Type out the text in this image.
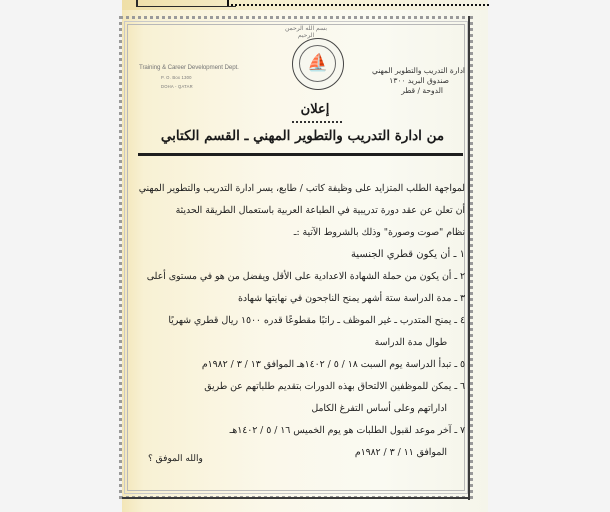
بسم الله الرحمن الرحيم
⛵
Training & Career Development Dept.
P. O. Box 1300
DOHA - QATAR
ادارة التدريب والتطوير المهني
صندوق البريد ١٣٠٠
الدوحة / قطر
إعلان
من ادارة التدريب والتطوير المهني ـ القسم الكتابي
لمواجهة الطلب المتزايد على وظيفة كاتب / طابع، يسر ادارة التدريب والتطوير المهني
أن تعلن عن عقد دورة تدريبية في الطباعة العربية باستعمال الطريقة الحديثة
نظام "صوت وصورة" وذلك بالشروط الآتية :ـ
١ ـ أن يكون قطري الجنسية
٢ ـ أن يكون من حملة الشهادة الاعدادية على الأقل ويفضل من هو في مستوى أعلى
٣ ـ مدة الدراسة ستة أشهر يمنح الناجحون في نهايتها شهادة
٤ ـ يمنح المتدرب ـ غير الموظف ـ راتبًا مقطوعًا قدره ١٥٠٠ ريال قطري شهريًا
طوال مدة الدراسة
٥ ـ تبدأ الدراسة يوم السبت ١٨ / ٥ / ١٤٠٢هـ الموافق ١٣ / ٣ / ١٩٨٢م
٦ ـ يمكن للموظفين الالتحاق بهذه الدورات بتقديم طلباتهم عن طريق
اداراتهم وعلى أساس التفرغ الكامل
٧ ـ آخر موعد لقبول الطلبات هو يوم الخميس ١٦ / ٥ / ١٤٠٢هـ
الموافق ١١ / ٣ / ١٩٨٢م
والله الموفق ؟
